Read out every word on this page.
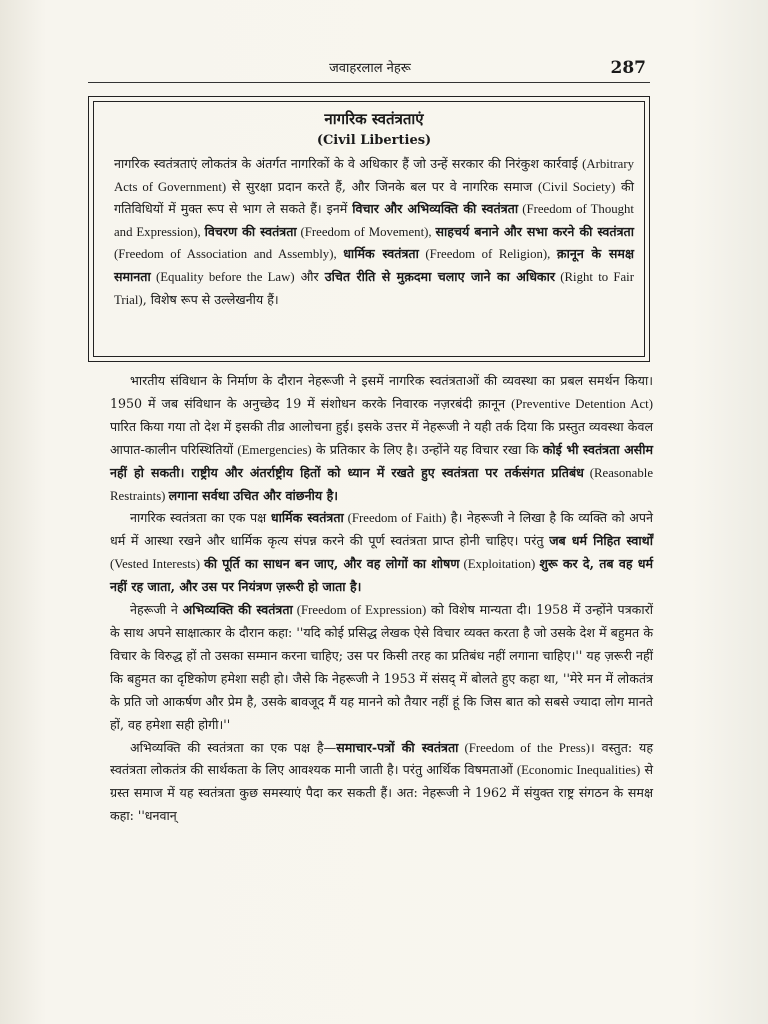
जवाहरलाल नेहरू	287
नागरिक स्वतंत्रताएं
(Civil Liberties)

नागरिक स्वतंत्रताएं लोकतंत्र के अंतर्गत नागरिकों के वे अधिकार हैं जो उन्हें सरकार की निरंकुश कार्रवाई (Arbitrary Acts of Government) से सुरक्षा प्रदान करते हैं, और जिनके बल पर वे नागरिक समाज (Civil Society) की गतिविधियों में मुक्त रूप से भाग ले सकते हैं। इनमें विचार और अभिव्यक्ति की स्वतंत्रता (Freedom of Thought and Expression), विचरण की स्वतंत्रता (Freedom of Movement), साहचर्य बनाने और सभा करने की स्वतंत्रता (Freedom of Association and Assembly), धार्मिक स्वतंत्रता (Freedom of Religion), क़ानून के समक्ष समानता (Equality before the Law) और उचित रीति से मुक़दमा चलाए जाने का अधिकार (Right to Fair Trial), विशेष रूप से उल्लेखनीय हैं।

भारतीय संविधान के निर्माण के दौरान नेहरूजी ने इसमें नागरिक स्वतंत्रताओं की व्यवस्था का प्रबल समर्थन किया। 1950 में जब संविधान के अनुच्छेद 19 में संशोधन करके निवारक नज़रबंदी क़ानून (Preventive Detention Act) पारित किया गया तो देश में इसकी तीव्र आलोचना हुई। इसके उत्तर में नेहरूजी ने यही तर्क दिया कि प्रस्तुत व्यवस्था केवल आपात-कालीन परिस्थितियों (Emergencies) के प्रतिकार के लिए है। उन्होंने यह विचार रखा कि कोई भी स्वतंत्रता असीम नहीं हो सकती। राष्ट्रीय और अंतर्राष्ट्रीय हितों को ध्यान में रखते हुए स्वतंत्रता पर तर्कसंगत प्रतिबंध (Reasonable Restraints) लगाना सर्वथा उचित और वांछनीय है।

नागरिक स्वतंत्रता का एक पक्ष धार्मिक स्वतंत्रता (Freedom of Faith) है। नेहरूजी ने लिखा है कि व्यक्ति को अपने धर्म में आस्था रखने और धार्मिक कृत्य संपन्न करने की पूर्ण स्वतंत्रता प्राप्त होनी चाहिए। परंतु जब धर्म निहित स्वार्थों (Vested Interests) की पूर्ति का साधन बन जाए, और वह लोगों का शोषण (Exploitation) शुरू कर दे, तब वह धर्म नहीं रह जाता, और उस पर नियंत्रण ज़रूरी हो जाता है।

नेहरूजी ने अभिव्यक्ति की स्वतंत्रता (Freedom of Expression) को विशेष मान्यता दी। 1958 में उन्होंने पत्रकारों के साथ अपने साक्षात्कार के दौरान कहा: ''यदि कोई प्रसिद्ध लेखक ऐसे विचार व्यक्त करता है जो उसके देश में बहुमत के विचार के विरुद्ध हों तो उसका सम्मान करना चाहिए; उस पर किसी तरह का प्रतिबंध नहीं लगाना चाहिए।'' यह ज़रूरी नहीं कि बहुमत का दृष्टिकोण हमेशा सही हो। जैसे कि नेहरूजी ने 1953 में संसद् में बोलते हुए कहा था, ''मेरे मन में लोकतंत्र के प्रति जो आकर्षण और प्रेम है, उसके बावजूद मैं यह मानने को तैयार नहीं हूं कि जिस बात को सबसे ज्यादा लोग मानते हों, वह हमेशा सही होगी।''

अभिव्यक्ति की स्वतंत्रता का एक पक्ष है—समाचार-पत्रों की स्वतंत्रता (Freedom of the Press)। वस्तुत: यह स्वतंत्रता लोकतंत्र की सार्थकता के लिए आवश्यक मानी जाती है। परंतु आर्थिक विषमताओं (Economic Inequalities) से ग्रस्त समाज में यह स्वतंत्रता कुछ समस्याएं पैदा कर सकती हैं। अत: नेहरूजी ने 1962 में संयुक्त राष्ट्र संगठन के समक्ष कहा: ''धनवान्
